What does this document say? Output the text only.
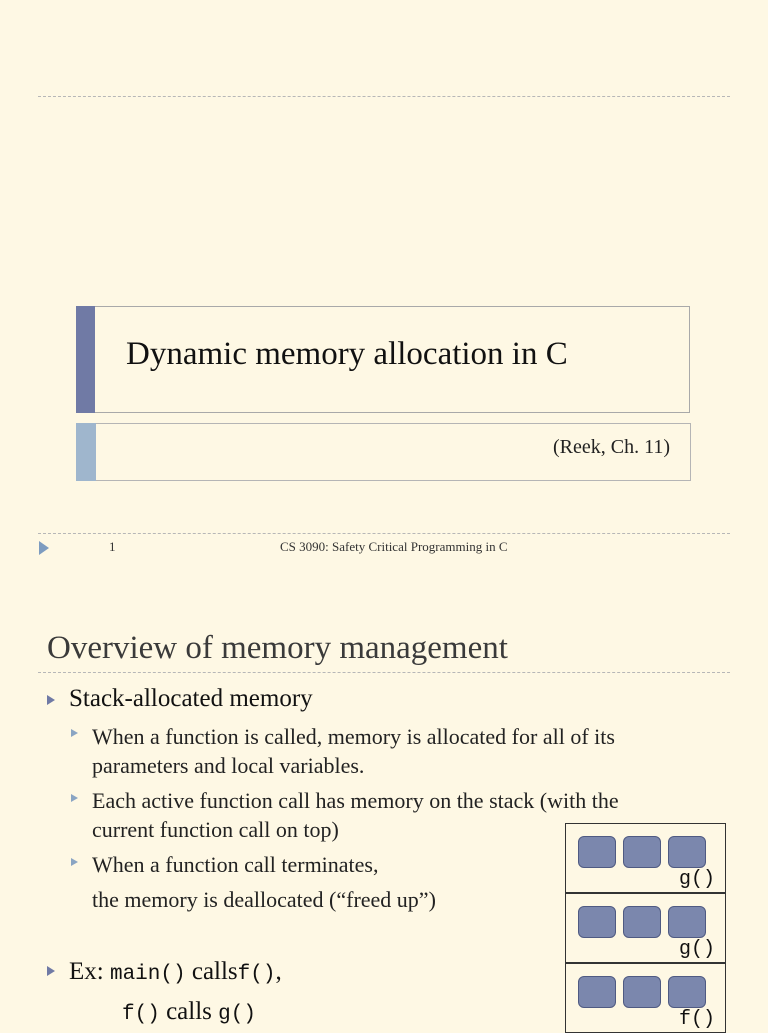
Dynamic memory allocation in C
(Reek, Ch. 11)
1	CS 3090: Safety Critical Programming in C
Overview of memory management
Stack-allocated memory
When a function is called, memory is allocated for all of its
parameters and local variables.
Each active function call has memory on the stack (with the
current function call on top)
When a function call terminates,
the memory is deallocated (“freed up”)
Ex: main() callsf(),
f() calls g()
g()
g()
f()
